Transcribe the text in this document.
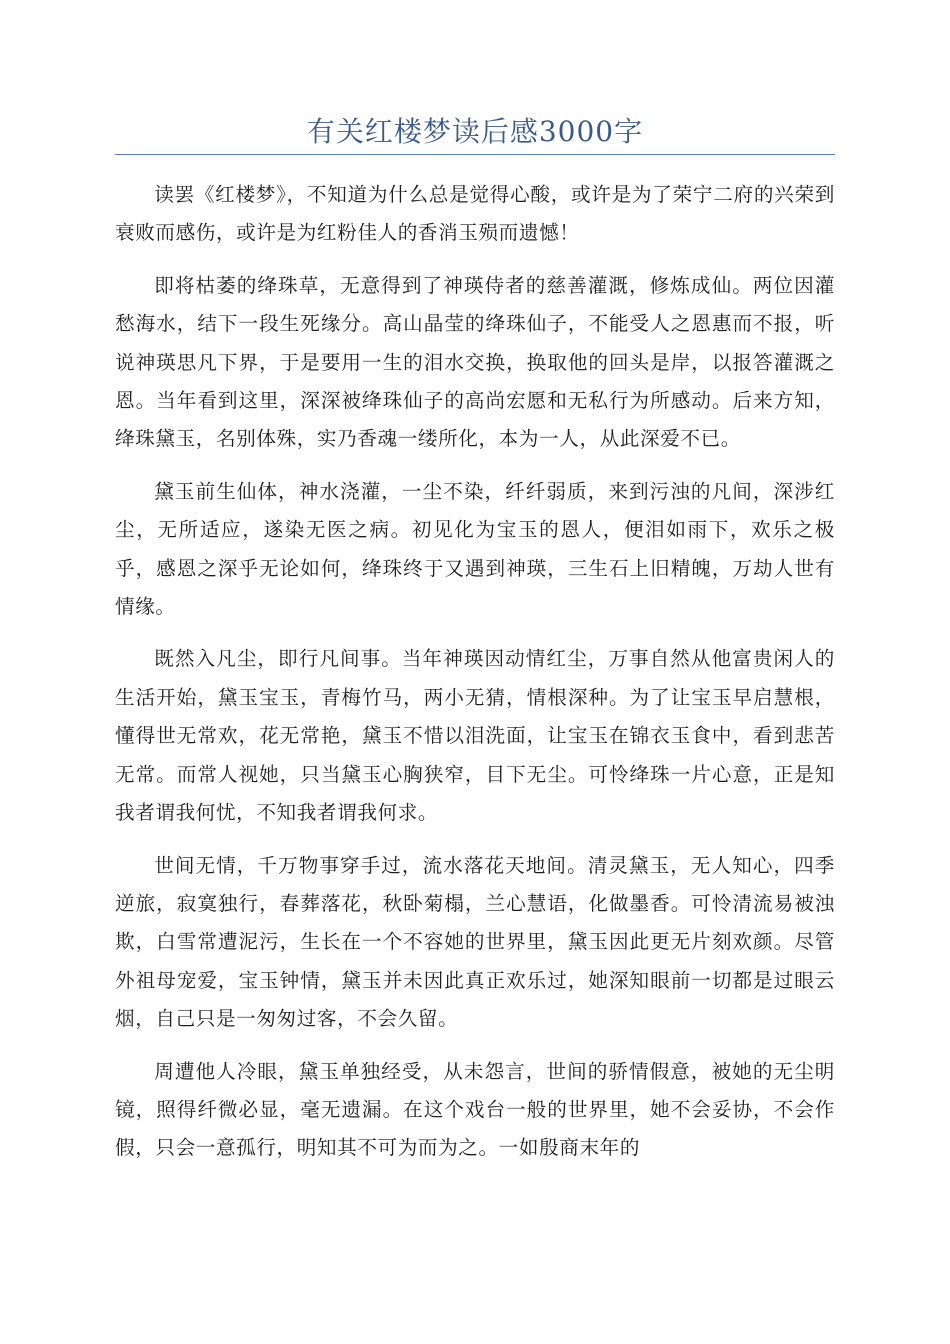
有关红楼梦读后感3000字

读罢《红楼梦》，不知道为什么总是觉得心酸，或许是为了荣宁二府的兴荣到衰败而感伤，或许是为红粉佳人的香消玉殒而遗憾！

即将枯萎的绛珠草，无意得到了神瑛侍者的慈善灌溉，修炼成仙。两位因灌愁海水，结下一段生死缘分。高山晶莹的绛珠仙子，不能受人之恩惠而不报，听说神瑛思凡下界，于是要用一生的泪水交换，换取他的回头是岸，以报答灌溉之恩。当年看到这里，深深被绛珠仙子的高尚宏愿和无私行为所感动。后来方知，绛珠黛玉，名别体殊，实乃香魂一缕所化，本为一人，从此深爱不已。

黛玉前生仙体，神水浇灌，一尘不染，纤纤弱质，来到污浊的凡间，深涉红尘，无所适应，遂染无医之病。初见化为宝玉的恩人，便泪如雨下，欢乐之极乎，感恩之深乎无论如何，绛珠终于又遇到神瑛，三生石上旧精魄，万劫人世有情缘。

既然入凡尘，即行凡间事。当年神瑛因动情红尘，万事自然从他富贵闲人的生活开始，黛玉宝玉，青梅竹马，两小无猜，情根深种。为了让宝玉早启慧根，懂得世无常欢，花无常艳，黛玉不惜以泪洗面，让宝玉在锦衣玉食中，看到悲苦无常。而常人视她，只当黛玉心胸狭窄，目下无尘。可怜绛珠一片心意，正是知我者谓我何忧，不知我者谓我何求。

世间无情，千万物事穿手过，流水落花天地间。清灵黛玉，无人知心，四季逆旅，寂寞独行，春葬落花，秋卧菊榻，兰心慧语，化做墨香。可怜清流易被浊欺，白雪常遭泥污，生长在一个不容她的世界里，黛玉因此更无片刻欢颜。尽管外祖母宠爱，宝玉钟情，黛玉并未因此真正欢乐过，她深知眼前一切都是过眼云烟，自己只是一匆匆过客，不会久留。

周遭他人冷眼，黛玉单独经受，从未怨言，世间的骄情假意，被她的无尘明镜，照得纤微必显，毫无遗漏。在这个戏台一般的世界里，她不会妥协，不会作假，只会一意孤行，明知其不可为而为之。一如殷商末年的
